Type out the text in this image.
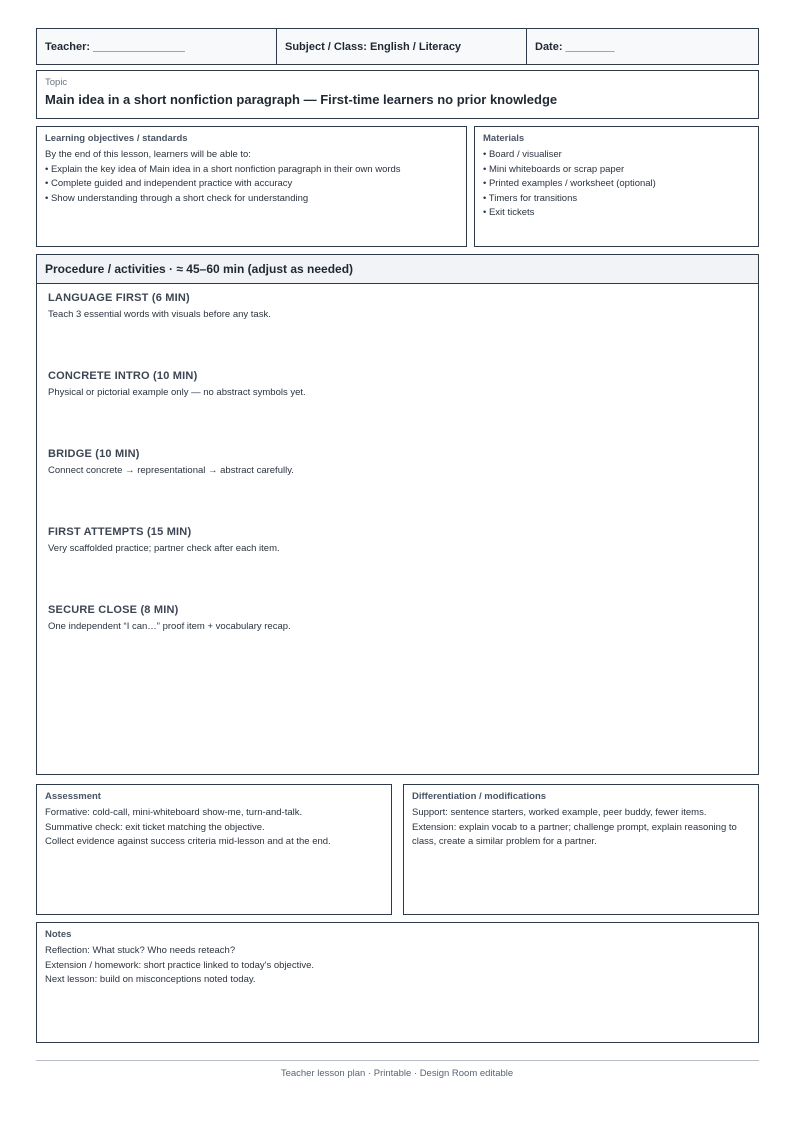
Teacher: _______________	Subject / Class: English / Literacy	Date: ________
Topic
Main idea in a short nonfiction paragraph — First-time learners no prior knowledge
Learning objectives / standards
By the end of this lesson, learners will be able to:
• Explain the key idea of Main idea in a short nonfiction paragraph in their own words
• Complete guided and independent practice with accuracy
• Show understanding through a short check for understanding
Materials
• Board / visualiser
• Mini whiteboards or scrap paper
• Printed examples / worksheet (optional)
• Timers for transitions
• Exit tickets
Procedure / activities · ≈ 45–60 min (adjust as needed)
LANGUAGE FIRST (6 MIN)
Teach 3 essential words with visuals before any task.
CONCRETE INTRO (10 MIN)
Physical or pictorial example only — no abstract symbols yet.
BRIDGE (10 MIN)
Connect concrete → representational → abstract carefully.
FIRST ATTEMPTS (15 MIN)
Very scaffolded practice; partner check after each item.
SECURE CLOSE (8 MIN)
One independent “I can…” proof item + vocabulary recap.
Assessment
Formative: cold-call, mini-whiteboard show-me, turn-and-talk.
Summative check: exit ticket matching the objective.
Collect evidence against success criteria mid-lesson and at the end.
Differentiation / modifications
Support: sentence starters, worked example, peer buddy, fewer items.
Extension: explain vocab to a partner; challenge prompt, explain reasoning to class, create a similar problem for a partner.
Notes
Reflection: What stuck? Who needs reteach?
Extension / homework: short practice linked to today's objective.
Next lesson: build on misconceptions noted today.
Teacher lesson plan · Printable · Design Room editable
